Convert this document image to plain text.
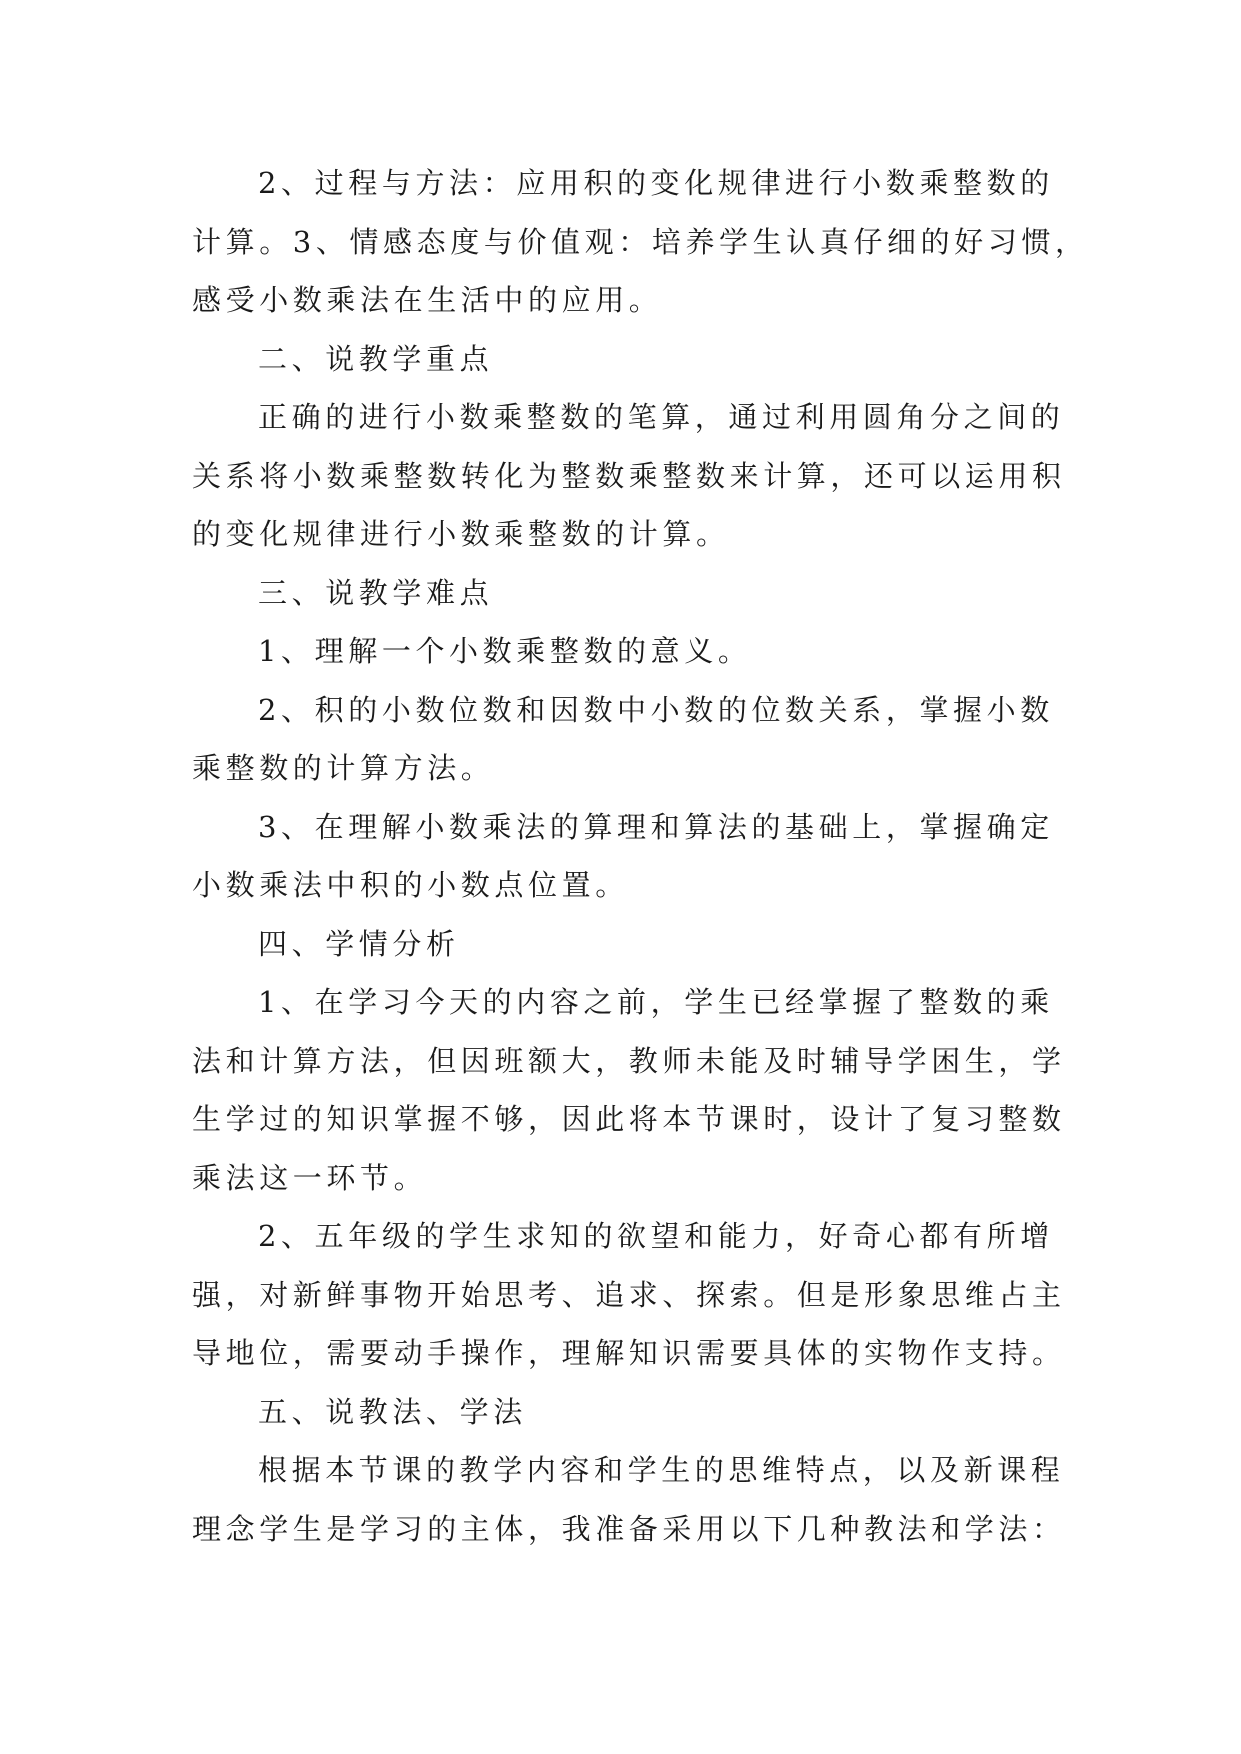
2、过程与方法：应用积的变化规律进行小数乘整数的
计算。3、情感态度与价值观：培养学生认真仔细的好习惯，
感受小数乘法在生活中的应用。
二、说教学重点
正确的进行小数乘整数的笔算，通过利用圆角分之间的
关系将小数乘整数转化为整数乘整数来计算，还可以运用积
的变化规律进行小数乘整数的计算。
三、说教学难点
1、理解一个小数乘整数的意义。
2、积的小数位数和因数中小数的位数关系，掌握小数
乘整数的计算方法。
3、在理解小数乘法的算理和算法的基础上，掌握确定
小数乘法中积的小数点位置。
四、学情分析
1、在学习今天的内容之前，学生已经掌握了整数的乘
法和计算方法，但因班额大，教师未能及时辅导学困生，学
生学过的知识掌握不够，因此将本节课时，设计了复习整数
乘法这一环节。
2、五年级的学生求知的欲望和能力，好奇心都有所增
强，对新鲜事物开始思考、追求、探索。但是形象思维占主
导地位，需要动手操作，理解知识需要具体的实物作支持。
五、说教法、学法
根据本节课的教学内容和学生的思维特点，以及新课程
理念学生是学习的主体，我准备采用以下几种教法和学法：
